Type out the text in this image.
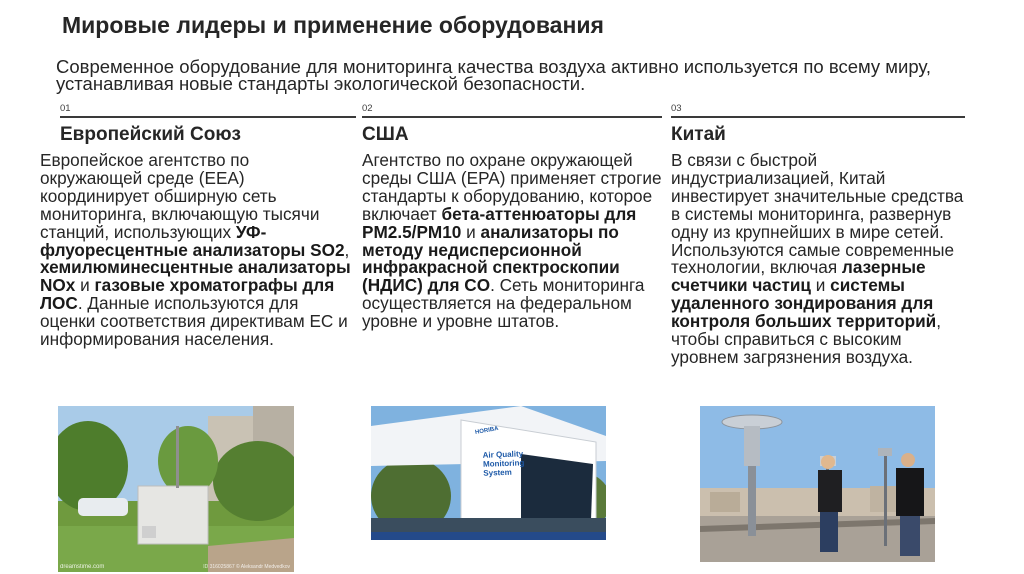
Мировые лидеры и применение оборудования
Современное оборудование для мониторинга качества воздуха активно используется по всему миру, устанавливая новые стандарты экологической безопасности.
01
Европейский Союз
Европейское агентство по окружающей среде (EEA) координирует обширную сеть мониторинга, включающую тысячи станций, использующих УФ-флуоресцентные анализаторы SO2, хемилюминесцентные анализаторы NOx и газовые хроматографы для ЛОС. Данные используются для оценки соответствия директивам ЕС и информирования населения.
02
США
Агентство по охране окружающей среды США (EPA) применяет строгие стандарты к оборудованию, которое включает бета-аттенюаторы для PM2.5/PM10 и анализаторы по методу недисперсионной инфракрасной спектроскопии (НДИС) для CO. Сеть мониторинга осуществляется на федеральном уровне и уровне штатов.
03
Китай
В связи с быстрой индустриализацией, Китай инвестирует значительные средства в системы мониторинга, развернув одну из крупнейших в мире сетей. Используются самые современные технологии, включая лазерные счетчики частиц и системы удаленного зондирования для контроля больших территорий, чтобы справиться с высоким уровнем загрязнения воздуха.
dreamstime.com	ID 316025867 © Aleksandr Medvedkov
HORIBA
Air Quality Monitoring System
